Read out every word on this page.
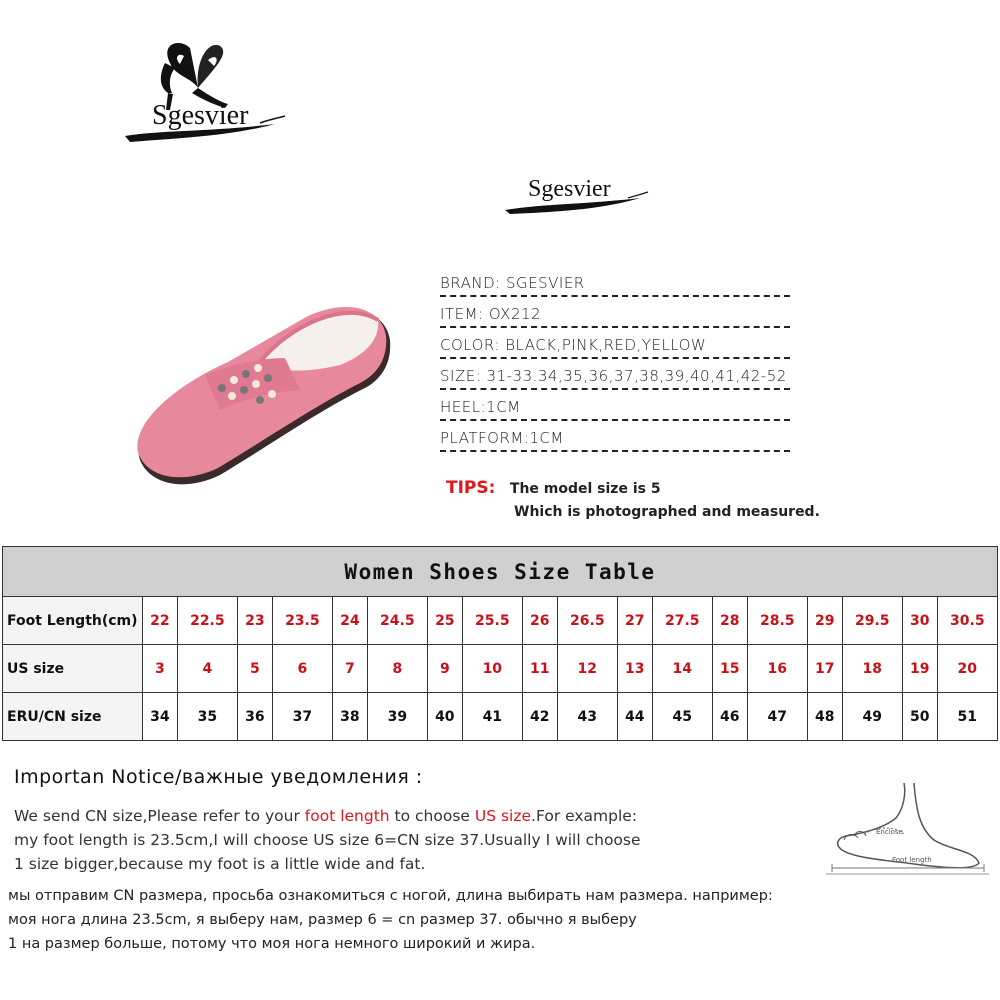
Sgesvier
Sgesvier
BRAND: SGESVIER
ITEM: OX212
COLOR: BLACK,PINK,RED,YELLOW
SIZE: 31-33.34,35,36,37,38,39,40,41,42-52
HEEL:1CM
PLATFORM:1CM
TIPS: The model size is 5
Which is photographed and measured.
Women Shoes Size Table																		
Foot Length(cm)	22	22.5	23	23.5	24	24.5	25	25.5	26	26.5	27	27.5	28	28.5	29	29.5	30	30.5
US size	3	4	5	6	7	8	9	10	11	12	13	14	15	16	17	18	19	20
ERU/CN size	34	35	36	37	38	39	40	41	42	43	44	45	46	47	48	49	50	51
Importan Notice/важные уведомления :
We send CN size,Please refer to your foot length to choose US size.For example:
my foot length is 23.5cm,I will choose US size 6=CN size 37.Usually I will choose
1 size bigger,because my foot is a little wide and fat.
мы отправим CN размера, просьба ознакомиться с ногой, длина выбирать нам размера. например:
моя нога длина 23.5cm, я выберу нам, размер 6 = cn размер 37. обычно я выберу
1 на размер больше, потому что моя нога немного широкий и жира.
Enclose
Foot length
